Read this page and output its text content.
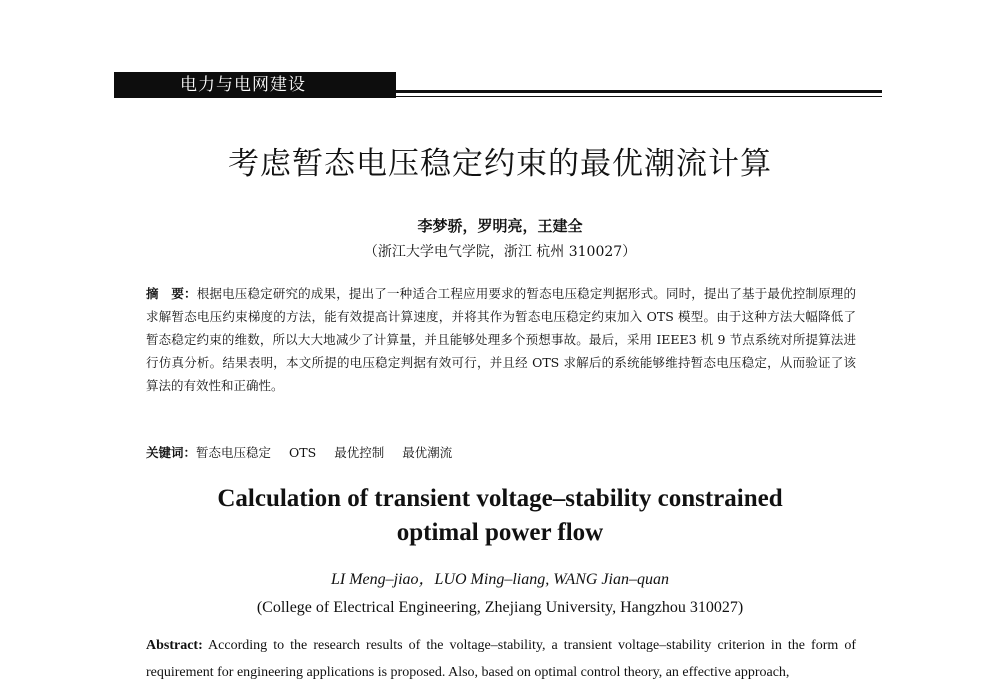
电力与电网建设
考虑暂态电压稳定约束的最优潮流计算
李梦骄，罗明亮，王建全
（浙江大学电气学院，浙江 杭州 310027）
摘　要：根据电压稳定研究的成果，提出了一种适合工程应用要求的暂态电压稳定判据形式。同时，提出了基于最优控制原理的求解暂态电压约束梯度的方法，能有效提高计算速度，并将其作为暂态电压稳定约束加入 OTS 模型。由于这种方法大幅降低了暂态稳定约束的维数，所以大大地减少了计算量，并且能够处理多个预想事故。最后，采用 IEEE3 机 9 节点系统对所提算法进行仿真分析。结果表明，本文所提的电压稳定判据有效可行，并且经 OTS 求解后的系统能够维持暂态电压稳定，从而验证了该算法的有效性和正确性。
关键词：暂态电压稳定 OTS 最优控制 最优潮流
Calculation of transient voltage–stability constrained
optimal power flow
LI Meng–jiao，LUO Ming–liang, WANG Jian–quan
(College of Electrical Engineering, Zhejiang University, Hangzhou 310027)
Abstract: According to the research results of the voltage–stability, a transient voltage–stability criterion in the form of requirement for engineering applications is proposed. Also, based on optimal control theory, an effective approach,
